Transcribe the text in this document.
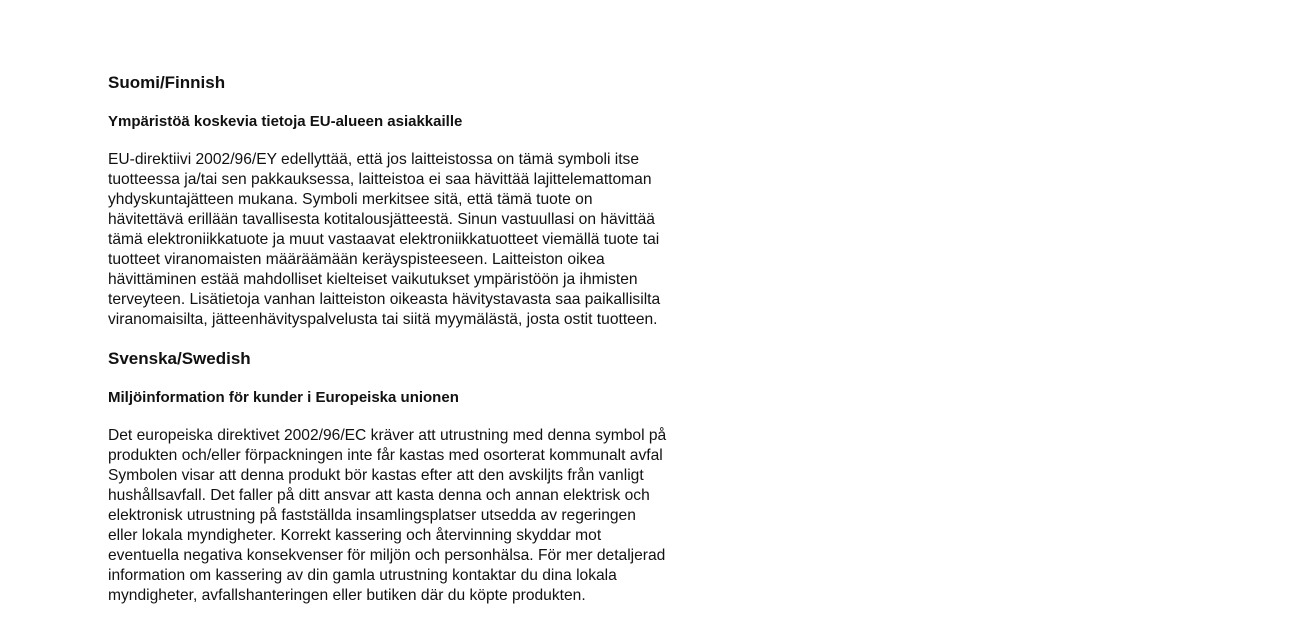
Suomi/Finnish
Ympäristöä koskevia tietoja EU-alueen asiakkaille

EU-direktiivi 2002/96/EY edellyttää, että jos laitteistossa on tämä symboli itse
tuotteessa ja/tai sen pakkauksessa, laitteistoa ei saa hävittää lajittelemattoman
yhdyskuntajätteen mukana. Symboli merkitsee sitä, että tämä tuote on
hävitettävä erillään tavallisesta kotitalousjätteestä. Sinun vastuullasi on hävittää
tämä elektroniikkatuote ja muut vastaavat elektroniikkatuotteet viemällä tuote tai
tuotteet viranomaisten määräämään keräyspisteeseen. Laitteiston oikea
hävittäminen estää mahdolliset kielteiset vaikutukset ympäristöön ja ihmisten
terveyteen. Lisätietoja vanhan laitteiston oikeasta hävitystavasta saa paikallisilta
viranomaisilta, jätteenhävityspalvelusta tai siitä myymälästä, josta ostit tuotteen.

Svenska/Swedish
Miljöinformation för kunder i Europeiska unionen

Det europeiska direktivet 2002/96/EC kräver att utrustning med denna symbol på
produkten och/eller förpackningen inte får kastas med osorterat kommunalt avfal
Symbolen visar att denna produkt bör kastas efter att den avskiljts från vanligt
hushållsavfall. Det faller på ditt ansvar att kasta denna och annan elektrisk och
elektronisk utrustning på fastställda insamlingsplatser utsedda av regeringen
eller lokala myndigheter. Korrekt kassering och återvinning skyddar mot
eventuella negativa konsekvenser för miljön och personhälsa. För mer detaljerad
information om kassering av din gamla utrustning kontaktar du dina lokala
myndigheter, avfallshanteringen eller butiken där du köpte produkten.
